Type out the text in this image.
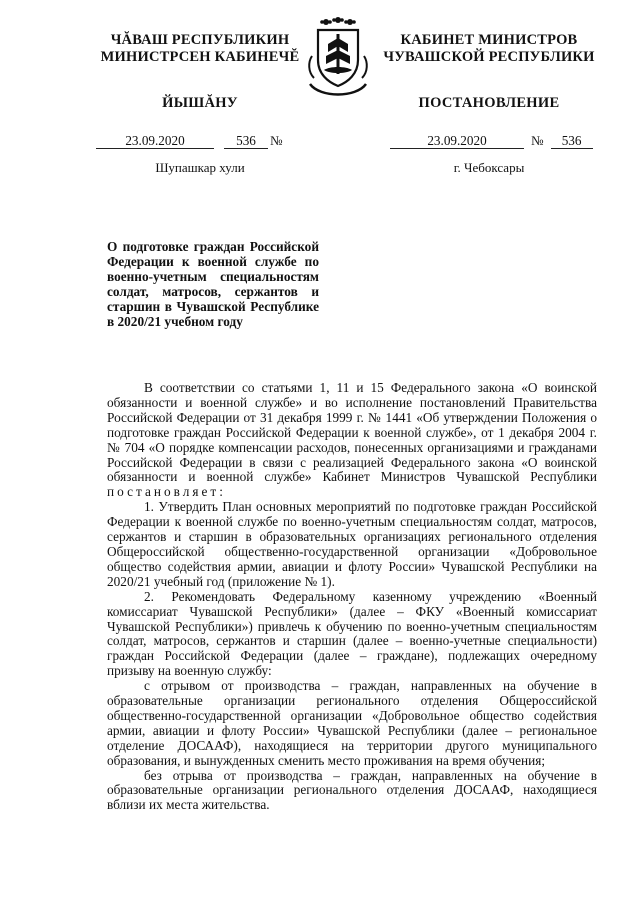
ЧĂВАШ РЕСПУБЛИКИН
МИНИСТРСЕН КАБИНЕЧĔ
ЙЫШĂНУ
КАБИНЕТ МИНИСТРОВ
ЧУВАШСКОЙ РЕСПУБЛИКИ
ПОСТАНОВЛЕНИЕ
23.09.2020	536 №	23.09.2020	№ 536
Шупашкар хули	г. Чебоксары
О подготовке граждан Российской Федерации к военной службе по военно-учетным специальностям солдат, матросов, сержантов и старшин в Чувашской Республике в 2020/21 учебном году

В соответствии со статьями 1, 11 и 15 Федерального закона «О воинской обязанности и военной службе» и во исполнение постановлений Правительства Российской Федерации от 31 декабря 1999 г. № 1441 «Об утверждении Положения о подготовке граждан Российской Федерации к военной службе», от 1 декабря 2004 г. № 704 «О порядке компенсации расходов, понесенных организациями и гражданами Российской Федерации в связи с реализацией Федерального закона «О воинской обязанности и военной службе» Кабинет Министров Чувашской Республики постановляет:

1. Утвердить План основных мероприятий по подготовке граждан Российской Федерации к военной службе по военно-учетным специальностям солдат, матросов, сержантов и старшин в образовательных организациях регионального отделения Общероссийской общественно-государственной организации «Добровольное общество содействия армии, авиации и флоту России» Чувашской Республики на 2020/21 учебный год (приложение № 1).

2. Рекомендовать Федеральному казенному учреждению «Военный комиссариат Чувашской Республики» (далее – ФКУ «Военный комиссариат Чувашской Республики») привлечь к обучению по военно-учетным специальностям солдат, матросов, сержантов и старшин (далее – военно-учетные специальности) граждан Российской Федерации (далее – граждане), подлежащих очередному призыву на военную службу:

с отрывом от производства – граждан, направленных на обучение в образовательные организации регионального отделения Общероссийской общественно-государственной организации «Добровольное общество содействия армии, авиации и флоту России» Чувашской Республики (далее – региональное отделение ДОСААФ), находящиеся на территории другого муниципального образования, и вынужденных сменить место проживания на время обучения;

без отрыва от производства – граждан, направленных на обучение в образовательные организации регионального отделения ДОСААФ, находящиеся вблизи их места жительства.
